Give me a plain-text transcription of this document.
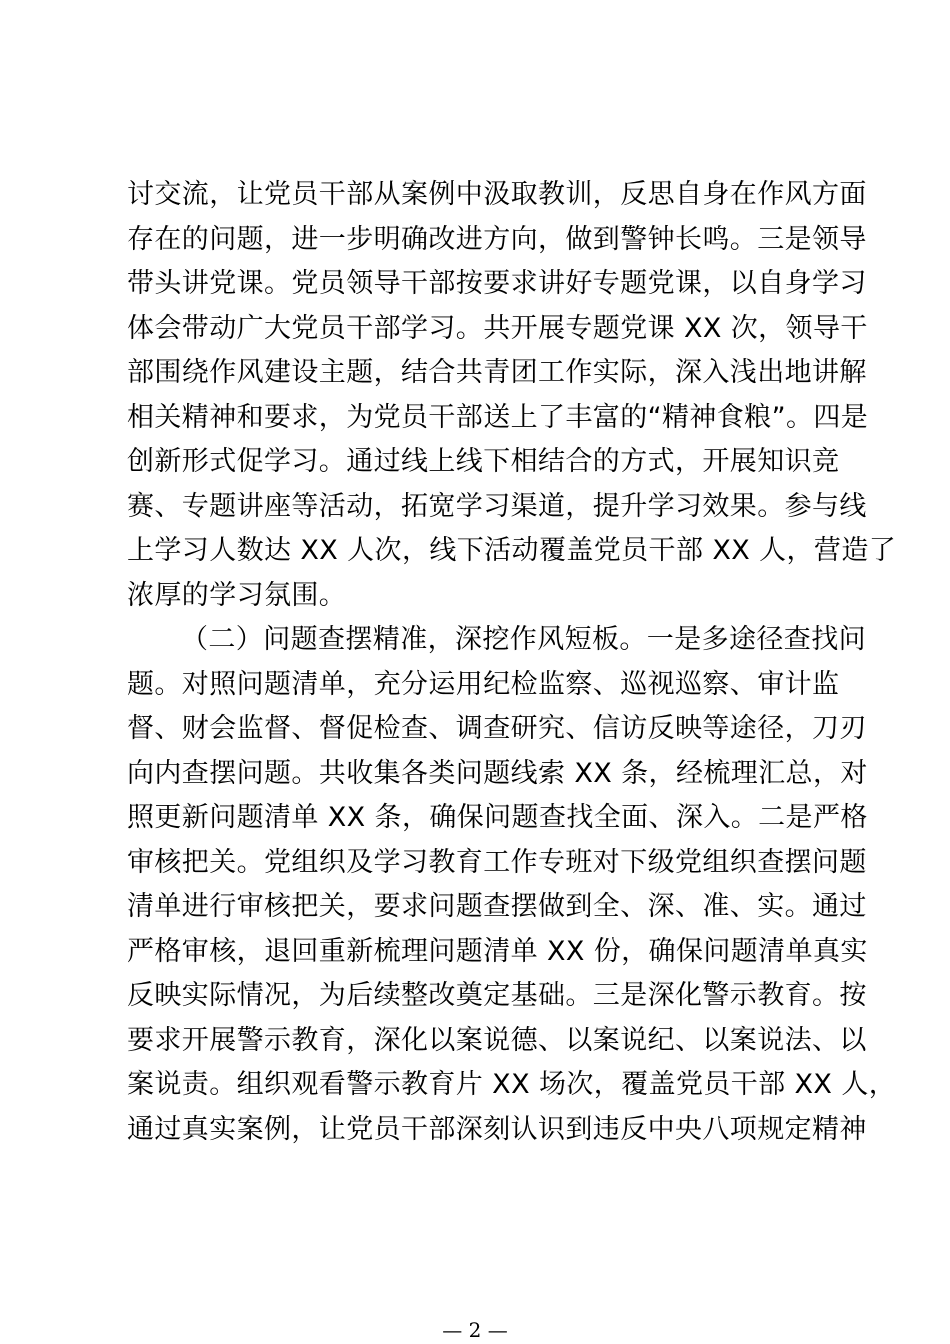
讨交流，让党员干部从案例中汲取教训，反思自身在作风方面
存在的问题，进一步明确改进方向，做到警钟长鸣。三是领导
带头讲党课。党员领导干部按要求讲好专题党课，以自身学习
体会带动广大党员干部学习。共开展专题党课 XX 次，领导干
部围绕作风建设主题，结合共青团工作实际，深入浅出地讲解
相关精神和要求，为党员干部送上了丰富的“精神食粮”。四是
创新形式促学习。通过线上线下相结合的方式，开展知识竞
赛、专题讲座等活动，拓宽学习渠道，提升学习效果。参与线
上学习人数达 XX 人次，线下活动覆盖党员干部 XX 人，营造了
浓厚的学习氛围。
（二）问题查摆精准，深挖作风短板。一是多途径查找问
题。对照问题清单，充分运用纪检监察、巡视巡察、审计监
督、财会监督、督促检查、调查研究、信访反映等途径，刀刃
向内查摆问题。共收集各类问题线索 XX 条，经梳理汇总，对
照更新问题清单 XX 条，确保问题查找全面、深入。二是严格
审核把关。党组织及学习教育工作专班对下级党组织查摆问题
清单进行审核把关，要求问题查摆做到全、深、准、实。通过
严格审核，退回重新梳理问题清单 XX 份，确保问题清单真实
反映实际情况，为后续整改奠定基础。三是深化警示教育。按
要求开展警示教育，深化以案说德、以案说纪、以案说法、以
案说责。组织观看警示教育片 XX 场次，覆盖党员干部 XX 人，
通过真实案例，让党员干部深刻认识到违反中央八项规定精神
— 2 —
